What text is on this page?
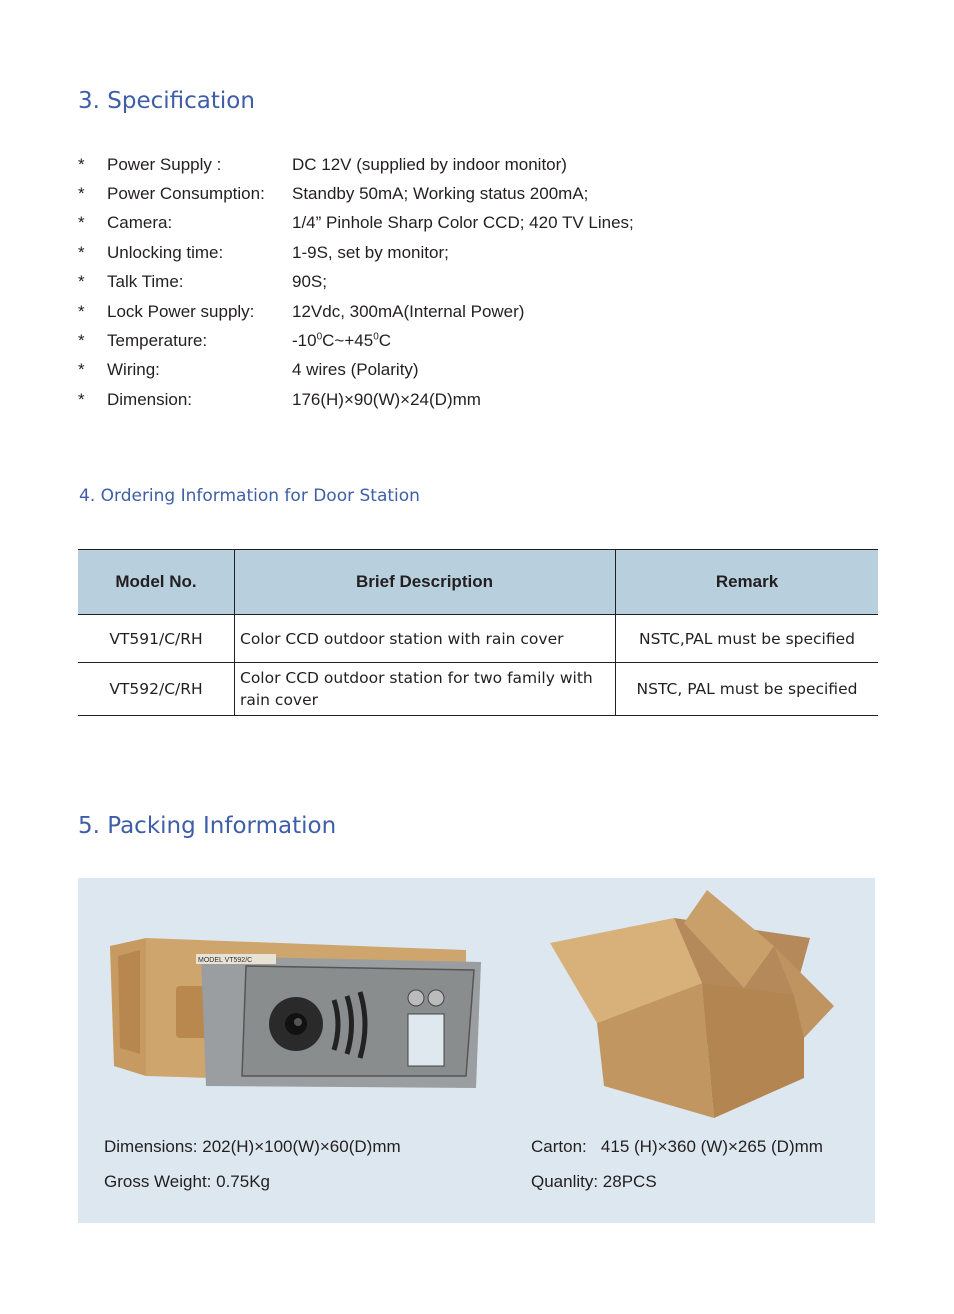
3. Specification
*	Power Supply :	DC 12V (supplied by indoor monitor)
*	Power Consumption:	Standby 50mA; Working status 200mA;
*	Camera:	1/4” Pinhole Sharp Color CCD; 420 TV Lines;
*	Unlocking time:	1-9S, set by monitor;
*	Talk Time:	90S;
*	Lock Power supply:	12Vdc, 300mA(Internal Power)
*	Temperature:	$-10^0C\sim+45^0C$
*	Wiring:	4 wires (Polarity)
*	Dimension:	176(H)×90(W)×24(D)mm
4. Ordering Information for Door Station
Model No.	Brief Description	Remark
VT591/C/RH	Color CCD outdoor station with rain cover	NSTC,PAL must be specified
VT592/C/RH	Color CCD outdoor station for two family with rain cover	NSTC, PAL must be specified
5. Packing Information
MODEL VT592/C
Dimensions: 202(H)×100(W)×60(D)mm
Gross Weight: 0.75Kg
Carton: 415 (H)×360 (W)×265 (D)mm
Quanlity: 28PCS
